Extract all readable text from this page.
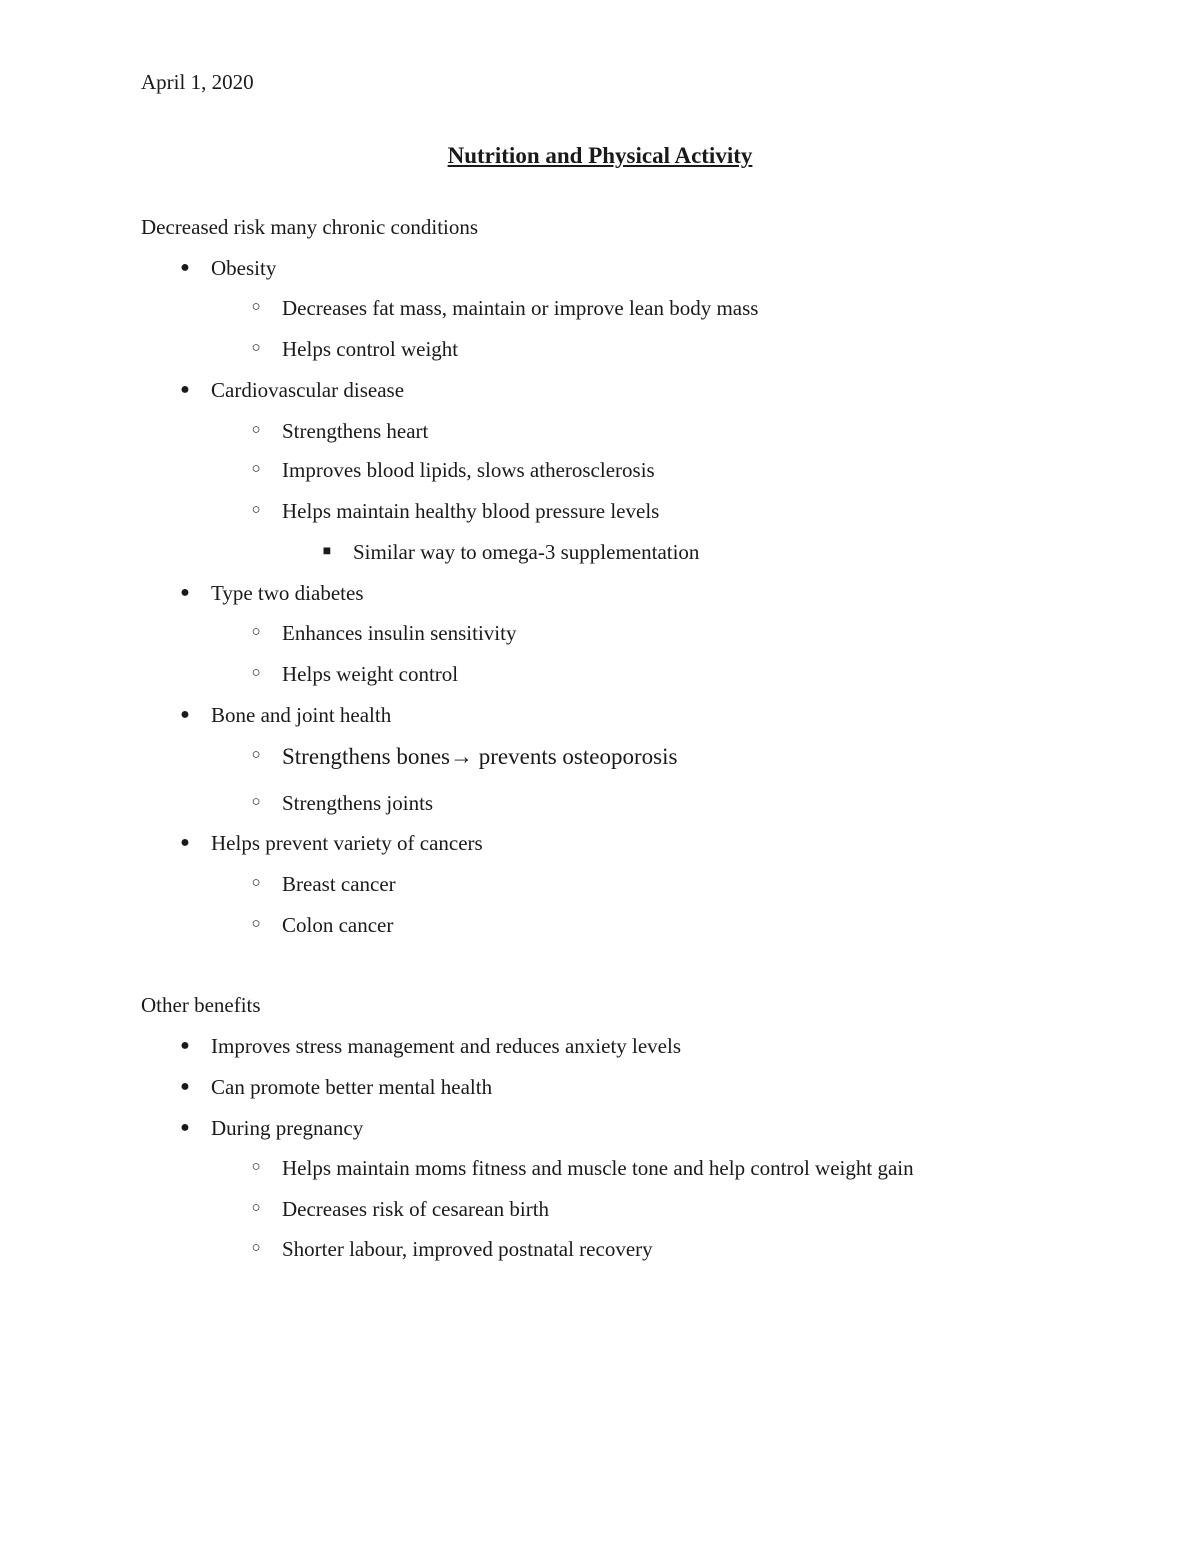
April 1, 2020
Nutrition and Physical Activity
Decreased risk many chronic conditions
●	Obesity
○	Decreases fat mass, maintain or improve lean body mass
○	Helps control weight
●	Cardiovascular disease
○	Strengthens heart
○	Improves blood lipids, slows atherosclerosis
○	Helps maintain healthy blood pressure levels
■	Similar way to omega-3 supplementation
●	Type two diabetes
○	Enhances insulin sensitivity
○	Helps weight control
●	Bone and joint health
○ Strengthens bones→ prevents osteoporosis
○	Strengthens joints
●	Helps prevent variety of cancers
○	Breast cancer
○	Colon cancer
Other benefits
●	Improves stress management and reduces anxiety levels
●	Can promote better mental health
●	During pregnancy
○	Helps maintain moms fitness and muscle tone and help control weight gain
○	Decreases risk of cesarean birth
○	Shorter labour, improved postnatal recovery
